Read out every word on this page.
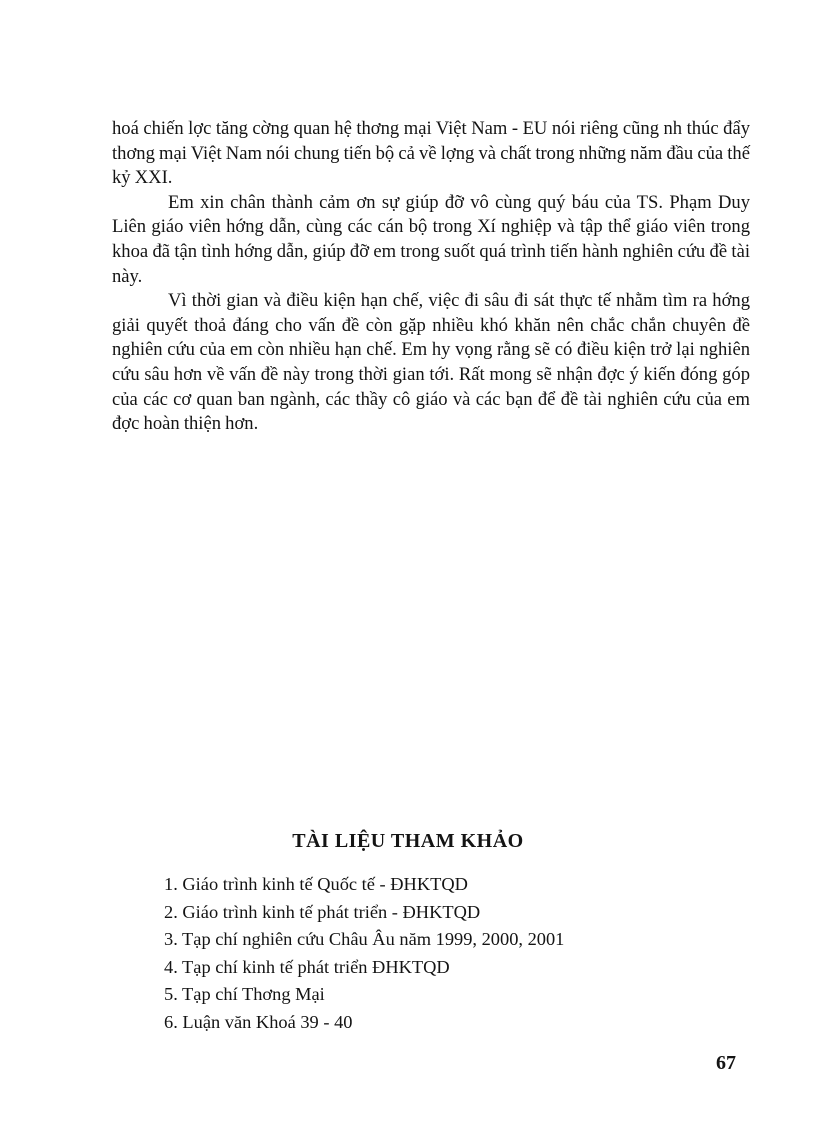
hoá chiến lợc tăng cờng quan hệ thơng mại Việt Nam - EU nói riêng cũng nh thúc đẩy thơng mại Việt Nam nói chung tiến bộ cả về lợng và chất trong những năm đầu của thế kỷ XXI.

Em xin chân thành cảm ơn sự giúp đỡ vô cùng quý báu của TS. Phạm Duy Liên giáo viên hớng dẫn, cùng các cán bộ trong Xí nghiệp và tập thể giáo viên trong khoa đã tận tình hớng dẫn, giúp đỡ em trong suốt quá trình tiến hành nghiên cứu đề tài này.

Vì thời gian và điều kiện hạn chế, việc đi sâu đi sát thực tế nhằm tìm ra hớng giải quyết thoả đáng cho vấn đề còn gặp nhiều khó khăn nên chắc chắn chuyên đề nghiên cứu của em còn nhiều hạn chế. Em hy vọng rằng sẽ có điều kiện trở lại nghiên cứu sâu hơn về vấn đề này trong thời gian tới. Rất mong sẽ nhận đợc ý kiến đóng góp của các cơ quan ban ngành, các thầy cô giáo và các bạn để đề tài nghiên cứu của em đợc hoàn thiện hơn.

TÀI LIỆU THAM KHẢO
1. Giáo trình kinh tế Quốc tế - ĐHKTQD
2. Giáo trình kinh tế phát triển - ĐHKTQD
3. Tạp chí nghiên cứu Châu Âu năm 1999, 2000, 2001
4. Tạp chí kinh tế phát triển ĐHKTQD
5. Tạp chí Thơng Mại
6. Luận văn Khoá 39 - 40
67
